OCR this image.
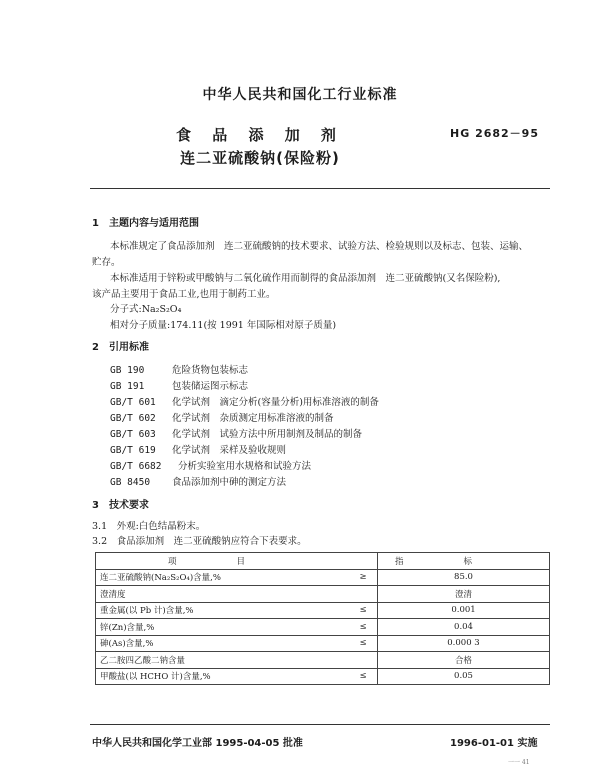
中华人民共和国化工行业标准
食 品 添 加 剂
连二亚硫酸钠(保险粉)
HG 2682－95
1　主题内容与适用范围
本标准规定了食品添加剂　连二亚硫酸钠的技术要求、试验方法、检验规则以及标志、包装、运输、
贮存。
本标准适用于锌粉或甲酸钠与二氧化硫作用而制得的食品添加剂　连二亚硫酸钠(又名保险粉),
该产品主要用于食品工业,也用于制药工业。
分子式:Na₂S₂O₄
相对分子质量:174.11(按 1991 年国际相对原子质量)
2　引用标准
GB 190	危险货物包装标志
GB 191	包装储运图示标志
GB/T 601 化学试剂　滴定分析(容量分析)用标准溶液的制备
GB/T 602 化学试剂　杂质测定用标准溶液的制备
GB/T 603 化学试剂　试验方法中所用制剂及制品的制备
GB/T 619 化学试剂　采样及验收规则
GB/T 6682 分析实验室用水规格和试验方法
GB 8450 食品添加剂中砷的测定方法
3　技术要求
3.1　外观:白色结晶粉末。
3.2　食品添加剂　连二亚硫酸钠应符合下表要求。
项目		指标
连二亚硫酸钠(Na₂S₂O₄)含量,%	≥	85.0
澄清度		澄清
重金属(以 Pb 计)含量,%	≤	0.001
锌(Zn)含量,%	≤	0.04
砷(As)含量,%	≤	0.000 3
乙二胺四乙酸二钠含量		合格
甲酸盐(以 HCHO 计)含量,%	≤	0.05
中华人民共和国化学工业部 1995-04-05 批准	1996-01-01 实施
一一 41
